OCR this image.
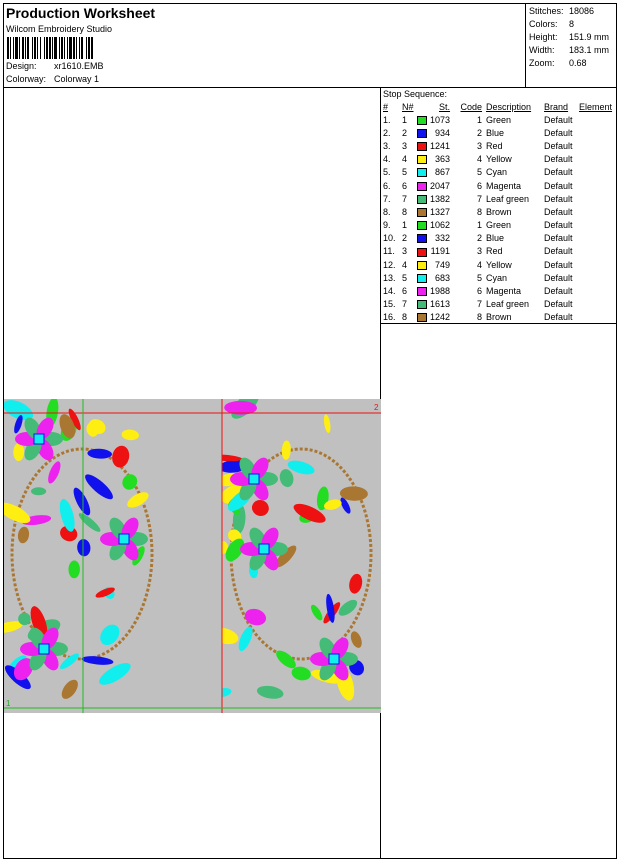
Production Worksheet
Wilcom Embroidery Studio
Design: xr1610.EMB
Colorway: Colorway 1
Stitches: 18086
Colors: 8
Height: 151.9 mm
Width: 183.1 mm
Zoom: 0.68
1
2
Stop Sequence:
#	N#		St.	Code	Description	Brand	Element
1.	1		1073	1	Green	Default	
2.	2		934	2	Blue	Default	
3.	3		1241	3	Red	Default	
4.	4		363	4	Yellow	Default	
5.	5		867	5	Cyan	Default	
6.	6		2047	6	Magenta	Default	
7.	7		1382	7	Leaf green	Default	
8.	8		1327	8	Brown	Default	
9.	1		1062	1	Green	Default	
10.	2		332	2	Blue	Default	
11.	3		1191	3	Red	Default	
12.	4		749	4	Yellow	Default	
13.	5		683	5	Cyan	Default	
14.	6		1988	6	Magenta	Default	
15.	7		1613	7	Leaf green	Default	
16.	8		1242	8	Brown	Default	
